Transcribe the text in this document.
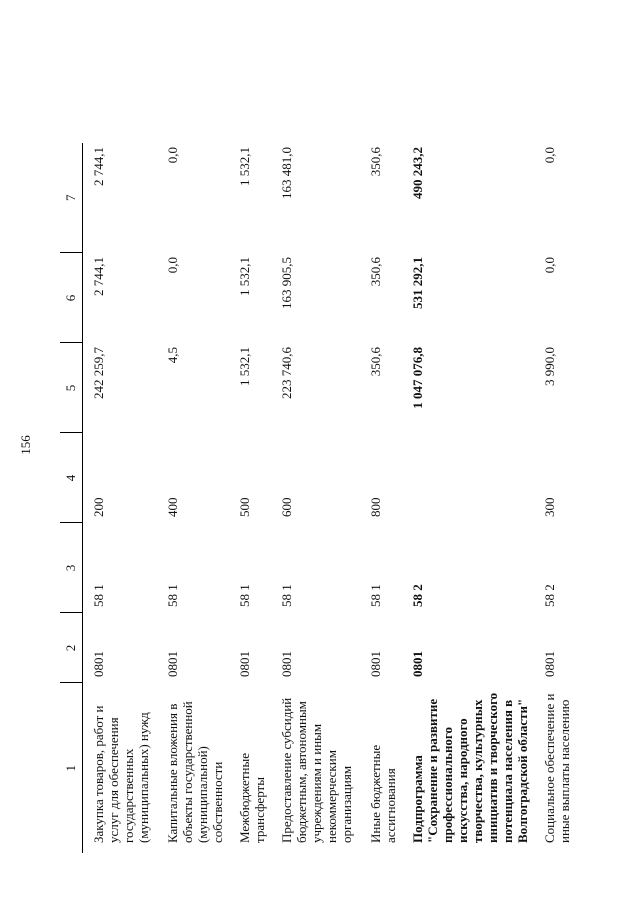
156
1	2	3	4	5	6	7
Закупка товаров, работ и услуг для обеспечения государственных (муниципальных) нужд	0801	58 1	200	242 259,7	2 744,1	2 744,1
Капитальные вложения в объекты государственной (муниципальной) собственности	0801	58 1	400	4,5	0,0	0,0
Межбюджетные трансферты	0801	58 1	500	1 532,1	1 532,1	1 532,1
Предоставление субсидий бюджетным, автономным учреждениям и иным некоммерческим организациям	0801	58 1	600	223 740,6	163 905,5	163 481,0
Иные бюджетные ассигнования	0801	58 1	800	350,6	350,6	350,6
Подпрограмма "Сохранение и развитие профессионального искусства, народного творчества, культурных инициатив и творческого потенциала населения в Волгоградской области"	0801	58 2		1 047 076,8	531 292,1	490 243,2
Социальное обеспечение и иные выплаты населению	0801	58 2	300	3 990,0	0,0	0,0
